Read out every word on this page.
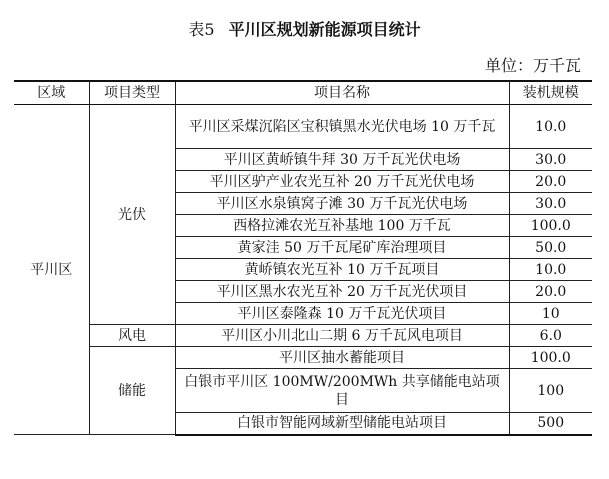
表5 平川区规划新能源项目统计
单位：万千瓦
区域	项目类型	项目名称	装机规模
平川区	光伏	平川区采煤沉陷区宝积镇黑水光伏电场 10 万千瓦	10.0
		平川区黄峤镇牛拜 30 万千瓦光伏电场	30.0
		平川区驴产业农光互补 20 万千瓦光伏电场	20.0
		平川区水泉镇窝子滩 30 万千瓦光伏电场	30.0
		西格拉滩农光互补基地 100 万千瓦	100.0
		黄家洼 50 万千瓦尾矿库治理项目	50.0
		黄峤镇农光互补 10 万千瓦项目	10.0
		平川区黑水农光互补 20 万千瓦光伏项目	20.0
		平川区泰隆森 10 万千瓦光伏项目	10
	风电	平川区小川北山二期 6 万千瓦风电项目	6.0
	储能	平川区抽水蓄能项目	100.0
		白银市平川区 100MW/200MWh 共享储能电站项目	100
		白银市智能网域新型储能电站项目	500
